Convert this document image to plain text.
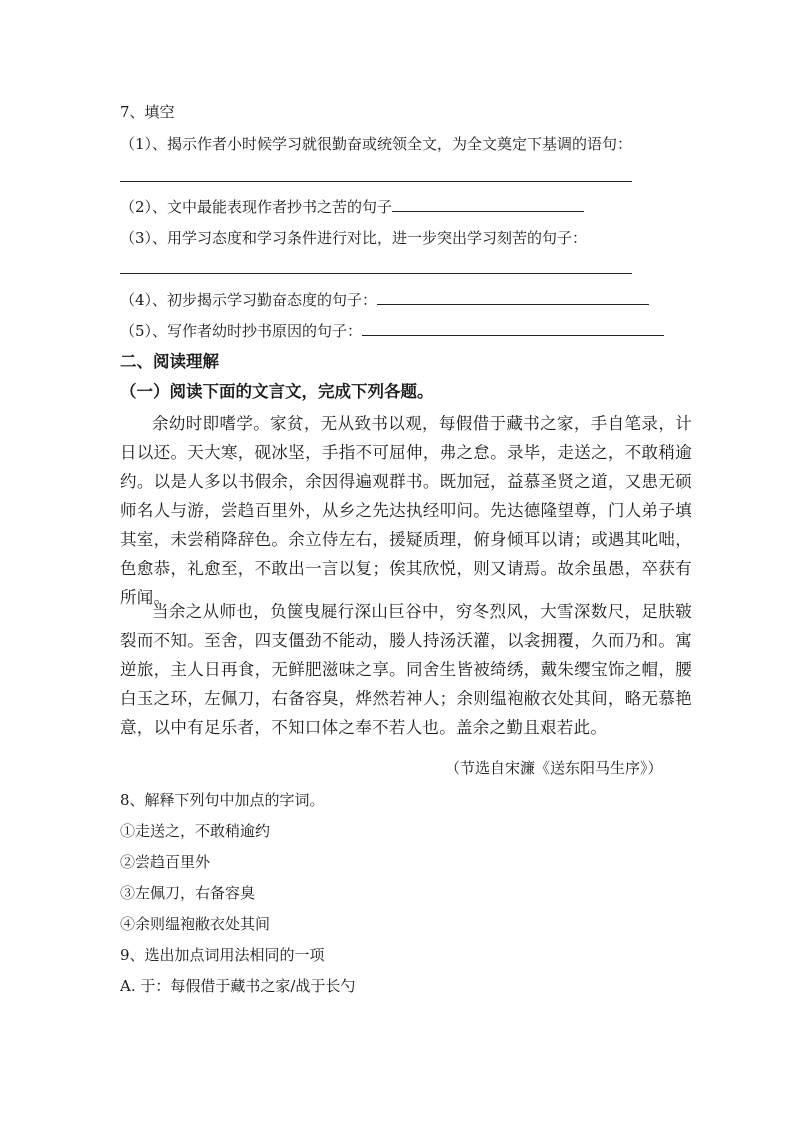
7、填空
（1）、揭示作者小时候学习就很勤奋或统领全文，为全文奠定下基调的语句：
（2）、文中最能表现作者抄书之苦的句子
（3）、用学习态度和学习条件进行对比，进一步突出学习刻苦的句子：
（4）、初步揭示学习勤奋态度的句子：
（5）、写作者幼时抄书原因的句子：
二、阅读理解
（一）阅读下面的文言文，完成下列各题。
余幼时即嗜学。家贫，无从致书以观，每假借于藏书之家，手自笔录，计日以还。天大寒，砚冰坚，手指不可屈伸，弗之怠。录毕，走送之，不敢稍逾约。以是人多以书假余，余因得遍观群书。既加冠，益慕圣贤之道，又患无硕师名人与游，尝趋百里外，从乡之先达执经叩问。先达德隆望尊，门人弟子填其室，未尝稍降辞色。余立侍左右，援疑质理，俯身倾耳以请；或遇其叱咄，色愈恭，礼愈至，不敢出一言以复；俟其欣悦，则又请焉。故余虽愚，卒获有所闻。
当余之从师也，负箧曳屣行深山巨谷中，穷冬烈风，大雪深数尺，足肤皲裂而不知。至舍，四支僵劲不能动，媵人持汤沃灌，以衾拥覆，久而乃和。寓逆旅，主人日再食，无鲜肥滋味之享。同舍生皆被绮绣，戴朱缨宝饰之帽，腰白玉之环，左佩刀，右备容臭，烨然若神人；余则缊袍敝衣处其间，略无慕艳意，以中有足乐者，不知口体之奉不若人也。盖余之勤且艰若此。
（节选自宋濂《送东阳马生序》）
8、解释下列句中加点的字词。
①走送之，不敢稍逾约
②尝趋百里外
③左佩刀，右备容臭
④余则缊袍敝衣处其间
9、选出加点词用法相同的一项
A. 于：每假借于藏书之家/战于长勺
